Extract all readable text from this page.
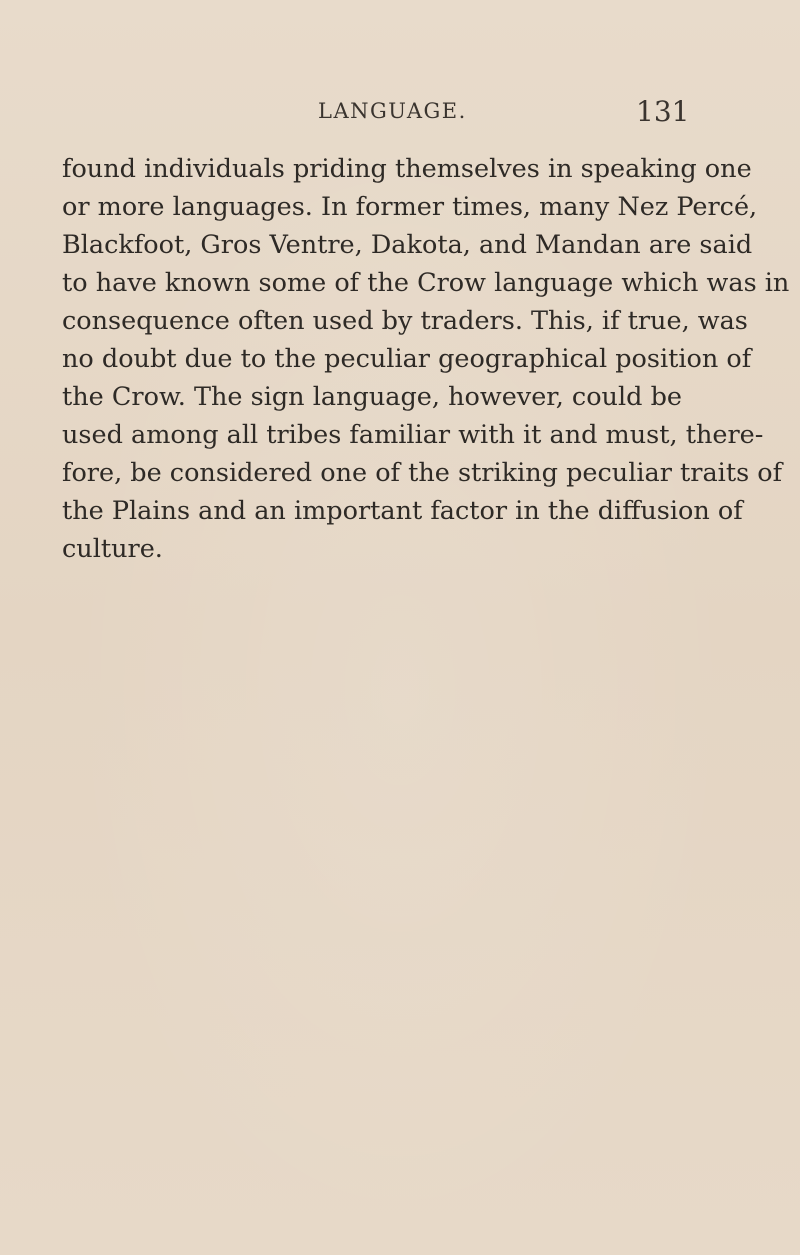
LANGUAGE.	131
found individuals priding themselves in speaking one
or more languages. In former times, many Nez Percé,
Blackfoot, Gros Ventre, Dakota, and Mandan are said
to have known some of the Crow language which was in
consequence often used by traders. This, if true, was
no doubt due to the peculiar geographical position of
the Crow. The sign language, however, could be
used among all tribes familiar with it and must, there-
fore, be considered one of the striking peculiar traits of
the Plains and an important factor in the diffusion of
culture.
